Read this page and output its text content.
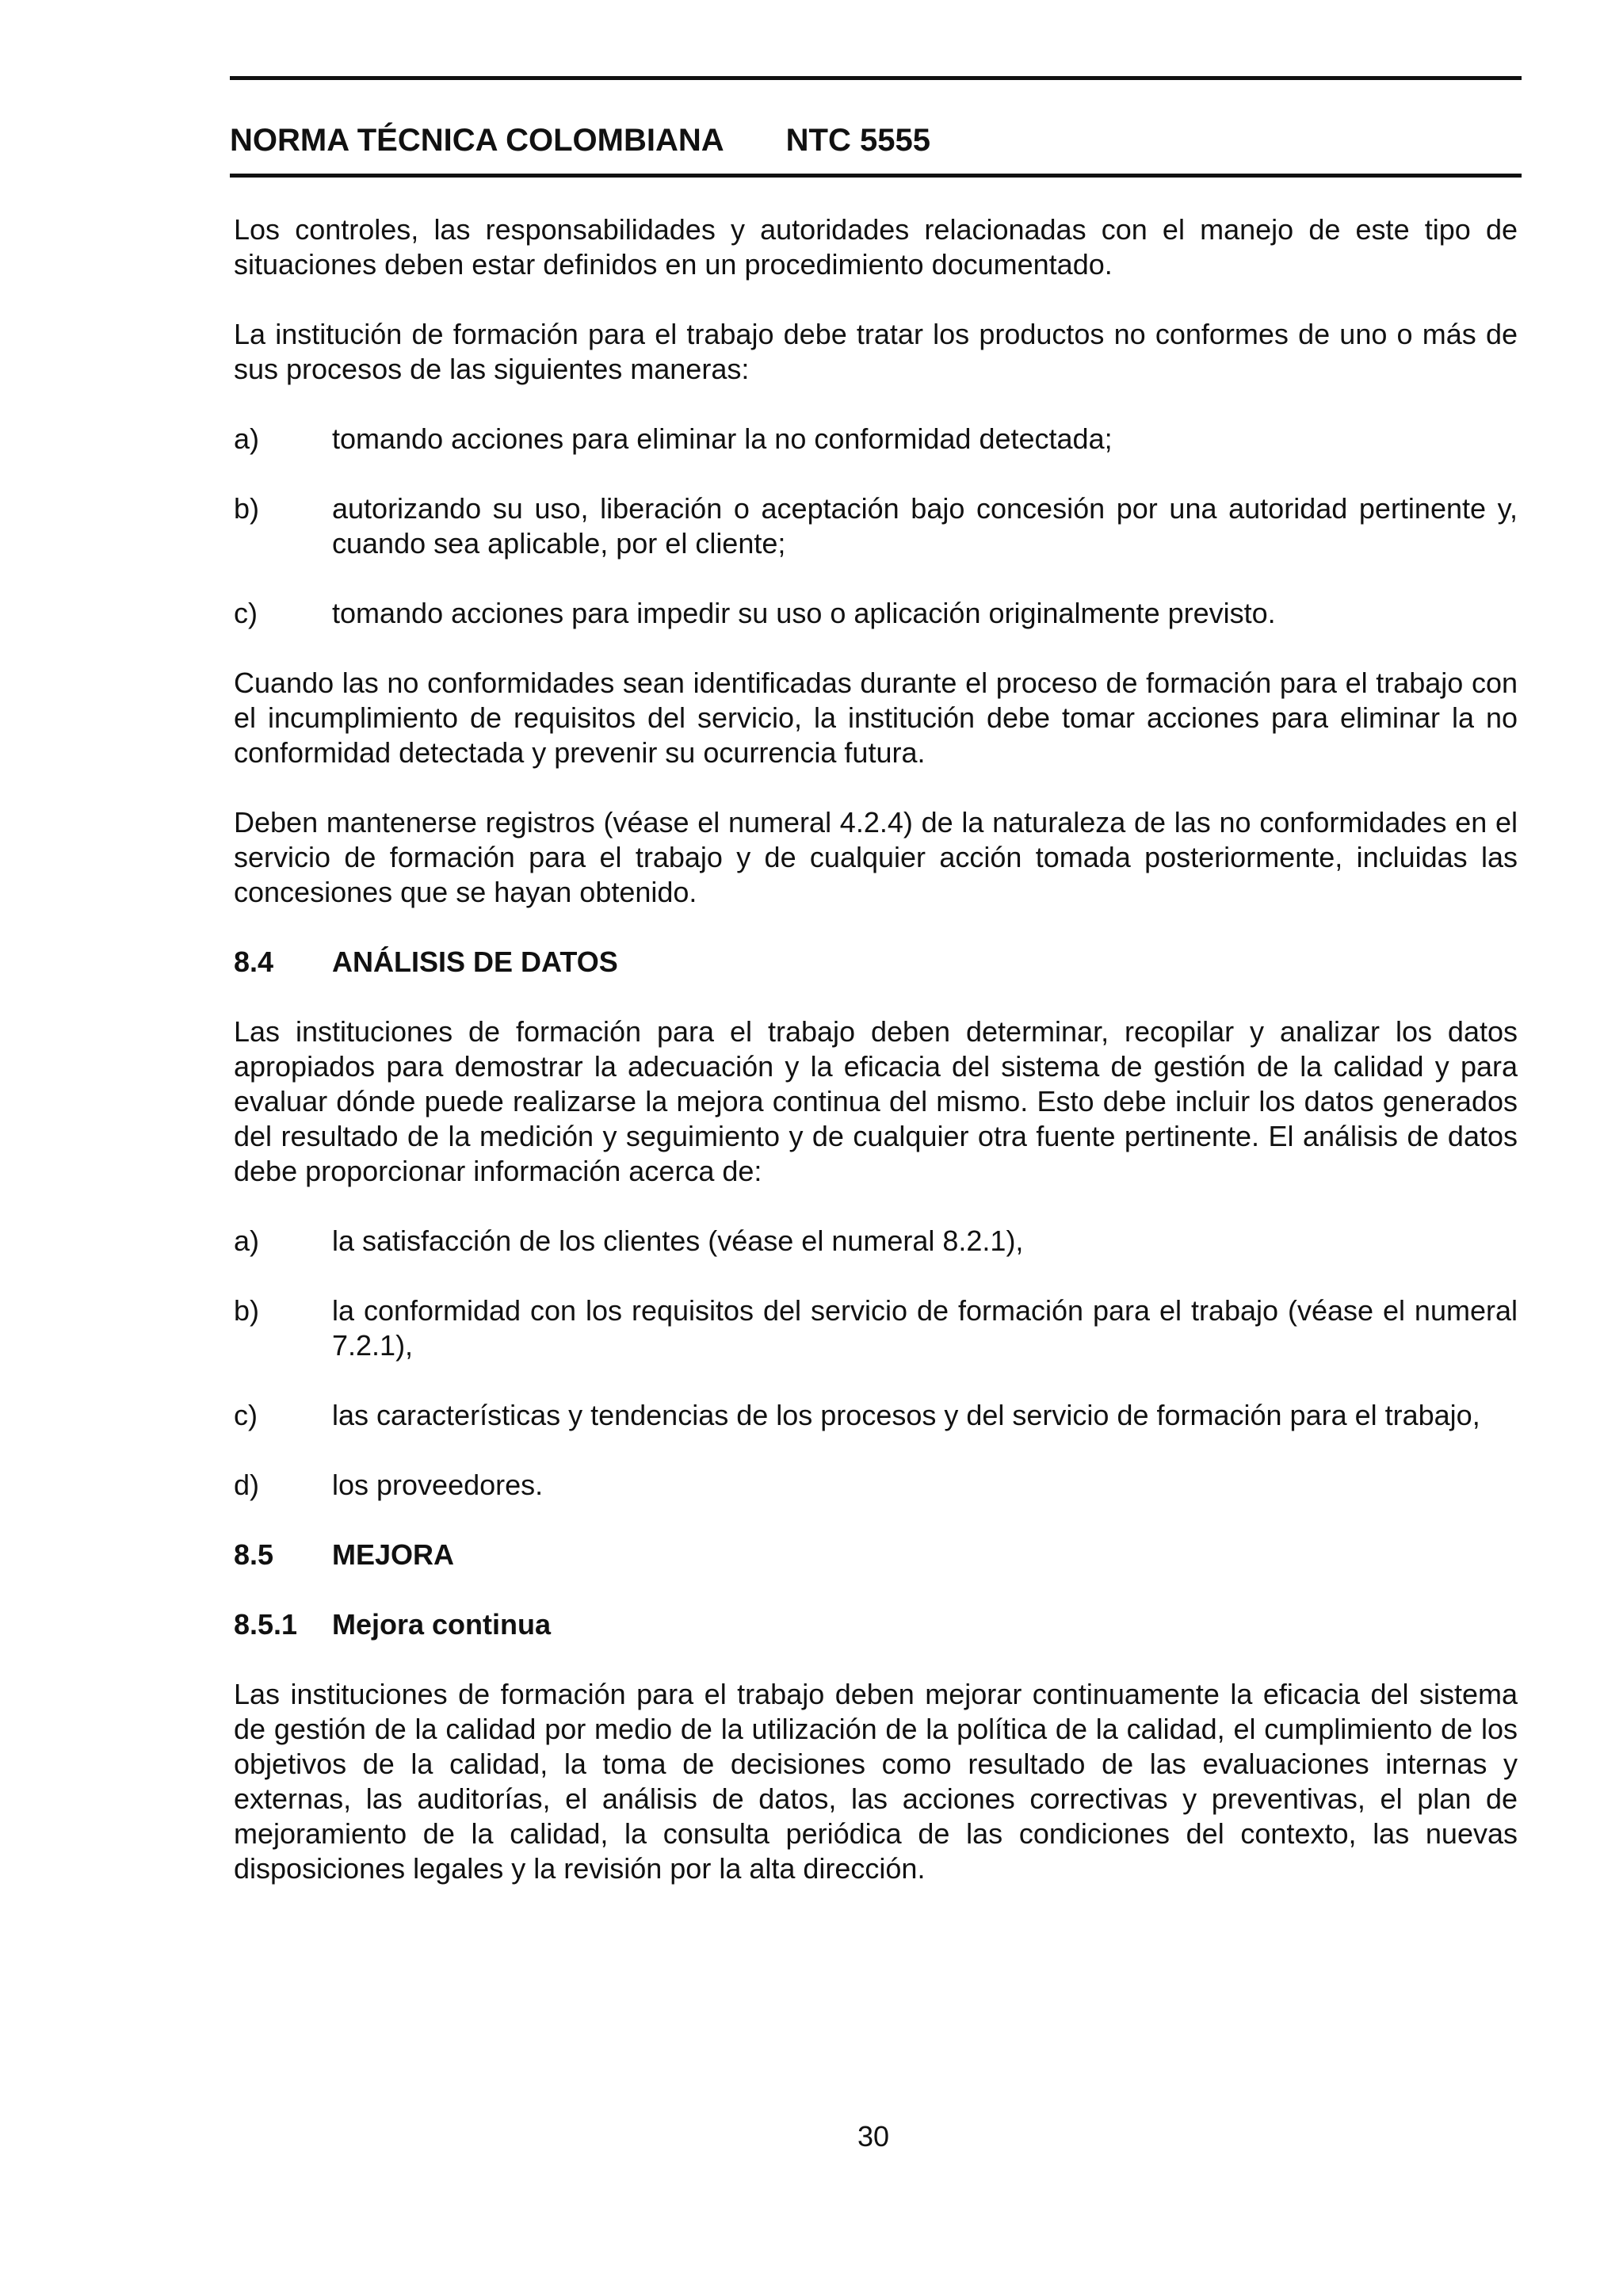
NORMA TÉCNICA COLOMBIANA NTC 5555

Los controles, las responsabilidades y autoridades relacionadas con el manejo de este tipo de situaciones deben estar definidos en un procedimiento documentado.

La institución de formación para el trabajo debe tratar los productos no conformes de uno o más de sus procesos de las siguientes maneras:

a)	tomando acciones para eliminar la no conformidad detectada;
b)	autorizando su uso, liberación o aceptación bajo concesión por una autoridad pertinente y, cuando sea aplicable, por el cliente;
c)	tomando acciones para impedir su uso o aplicación originalmente previsto.

Cuando las no conformidades sean identificadas durante el proceso de formación para el trabajo con el incumplimiento de requisitos del servicio, la institución debe tomar acciones para eliminar la no conformidad detectada y prevenir su ocurrencia futura.

Deben mantenerse registros (véase el numeral 4.2.4) de la naturaleza de las no conformidades en el servicio de formación para el trabajo y de cualquier acción tomada posteriormente, incluidas las concesiones que se hayan obtenido.

8.4 ANÁLISIS DE DATOS

Las instituciones de formación para el trabajo deben determinar, recopilar y analizar los datos apropiados para demostrar la adecuación y la eficacia del sistema de gestión de la calidad y para evaluar dónde puede realizarse la mejora continua del mismo. Esto debe incluir los datos generados del resultado de la medición y seguimiento y de cualquier otra fuente pertinente. El análisis de datos debe proporcionar información acerca de:

a)	la satisfacción de los clientes (véase el numeral 8.2.1),
b)	la conformidad con los requisitos del servicio de formación para el trabajo (véase el numeral 7.2.1),
c)	las características y tendencias de los procesos y del servicio de formación para el trabajo,
d)	los proveedores.
8.5 MEJORA
8.5.1 Mejora continua

Las instituciones de formación para el trabajo deben mejorar continuamente la eficacia del sistema de gestión de la calidad por medio de la utilización de la política de la calidad, el cumplimiento de los objetivos de la calidad, la toma de decisiones como resultado de las evaluaciones internas y externas, las auditorías, el análisis de datos, las acciones correctivas y preventivas, el plan de mejoramiento de la calidad, la consulta periódica de las condiciones del contexto, las nuevas disposiciones legales y la revisión por la alta dirección.

30
